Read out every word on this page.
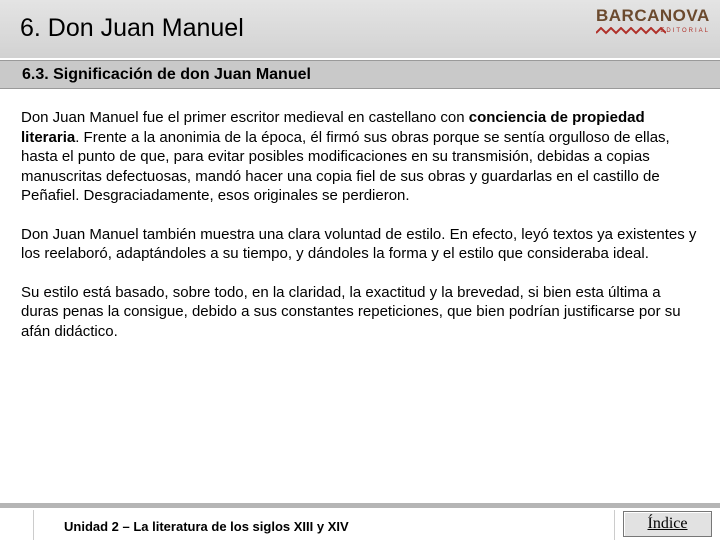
6. Don Juan Manuel	BARCANOVA
EDITORIAL
6.3. Significación de don Juan Manuel

Don Juan Manuel fue el primer escritor medieval en castellano con conciencia de propiedad literaria. Frente a la anonimia de la época, él firmó sus obras porque se sentía orgulloso de ellas, hasta el punto de que, para evitar posibles modificaciones en su transmisión, debidas a copias manuscritas defectuosas, mandó hacer una copia fiel de sus obras y guardarlas en el castillo de Peñafiel. Desgraciadamente, esos originales se perdieron.

Don Juan Manuel también muestra una clara voluntad de estilo. En efecto, leyó textos ya existentes y los reelaboró, adaptándoles a su tiempo, y dándoles la forma y el estilo que consideraba ideal.

Su estilo está basado, sobre todo, en la claridad, la exactitud y la brevedad, si bien esta última a duras penas la consigue, debido a sus constantes repeticiones, que bien podrían justificarse por su afán didáctico.

Unidad 2 – La literatura de los siglos XIII y XIV	Índice
